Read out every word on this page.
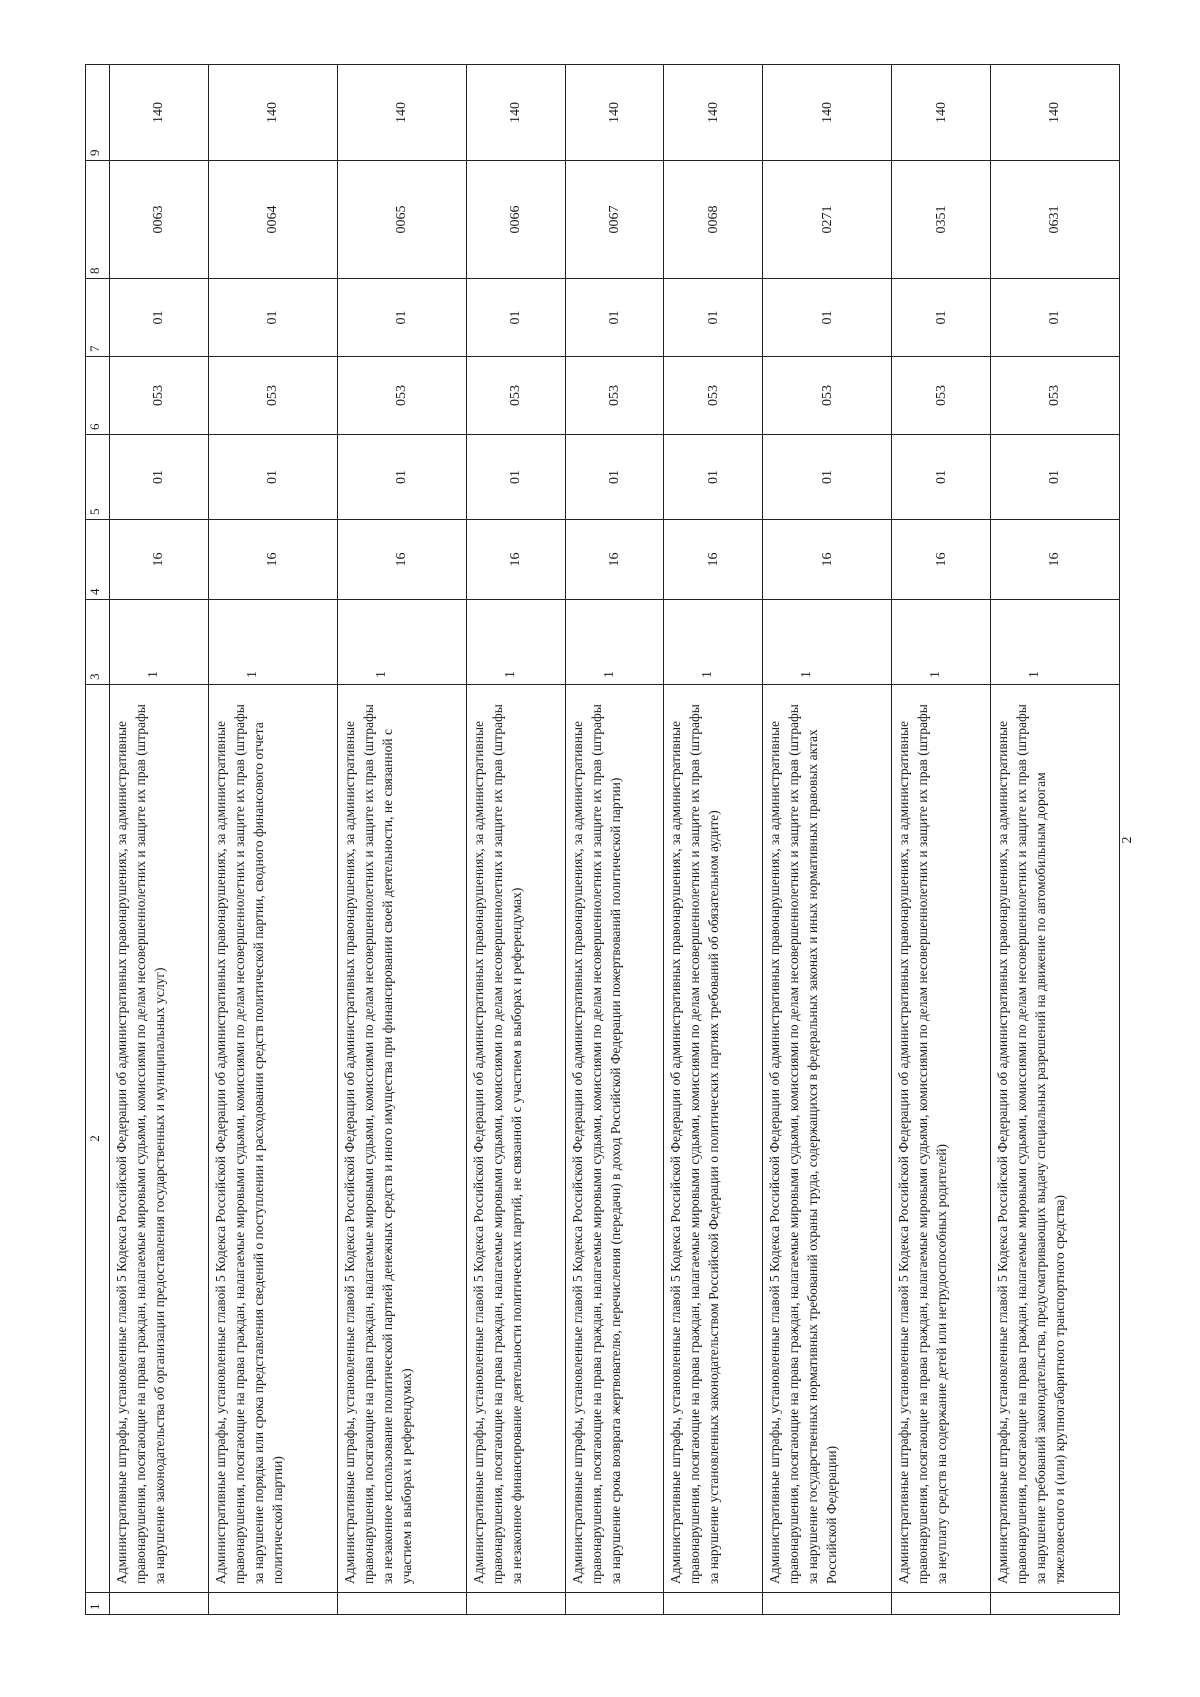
1	2	3	4	5	6	7	8	9
	Административные штрафы, установленные главой 5 Кодекса Российской Федерации об административных правонарушениях, за административные правонарушения, посягающие на права граждан, налагаемые мировыми судьями, комиссиями по делам несовершеннолетних и защите их прав (штрафы за нарушение законодательства об организации предоставления государственных и муниципальных услуг)	1	16	01	053	01	0063	140
	Административные штрафы, установленные главой 5 Кодекса Российской Федерации об административных правонарушениях, за административные правонарушения, посягающие на права граждан, налагаемые мировыми судьями, комиссиями по делам несовершеннолетних и защите их прав (штрафы за нарушение порядка или срока представления сведений о поступлении и расходовании средств политической партии, сводного финансового отчета политической партии)	1	16	01	053	01	0064	140
	Административные штрафы, установленные главой 5 Кодекса Российской Федерации об административных правонарушениях, за административные правонарушения, посягающие на права граждан, налагаемые мировыми судьями, комиссиями по делам несовершеннолетних и защите их прав (штрафы за незаконное использование политической партией денежных средств и иного имущества при финансировании своей деятельности, не связанной с участием в выборах и референдумах)	1	16	01	053	01	0065	140
	Административные штрафы, установленные главой 5 Кодекса Российской Федерации об административных правонарушениях, за административные правонарушения, посягающие на права граждан, налагаемые мировыми судьями, комиссиями по делам несовершеннолетних и защите их прав (штрафы за незаконное финансирование деятельности политических партий, не связанной с участием в выборах и референдумах)	1	16	01	053	01	0066	140
	Административные штрафы, установленные главой 5 Кодекса Российской Федерации об административных правонарушениях, за административные правонарушения, посягающие на права граждан, налагаемые мировыми судьями, комиссиями по делам несовершеннолетних и защите их прав (штрафы за нарушение срока возврата жертвователю, перечисления (передачи) в доход Российской Федерации пожертвований политической партии)	1	16	01	053	01	0067	140
	Административные штрафы, установленные главой 5 Кодекса Российской Федерации об административных правонарушениях, за административные правонарушения, посягающие на права граждан, налагаемые мировыми судьями, комиссиями по делам несовершеннолетних и защите их прав (штрафы за нарушение установленных законодательством Российской Федерации о политических партиях требований об обязательном аудите)	1	16	01	053	01	0068	140
	Административные штрафы, установленные главой 5 Кодекса Российской Федерации об административных правонарушениях, за административные правонарушения, посягающие на права граждан, налагаемые мировыми судьями, комиссиями по делам несовершеннолетних и защите их прав (штрафы за нарушение государственных нормативных требований охраны труда, содержащихся в федеральных законах и иных нормативных правовых актах Российской Федерации)	1	16	01	053	01	0271	140
	Административные штрафы, установленные главой 5 Кодекса Российской Федерации об административных правонарушениях, за административные правонарушения, посягающие на права граждан, налагаемые мировыми судьями, комиссиями по делам несовершеннолетних и защите их прав (штрафы за неуплату средств на содержание детей или нетрудоспособных родителей)	1	16	01	053	01	0351	140
	Административные штрафы, установленные главой 5 Кодекса Российской Федерации об административных правонарушениях, за административные правонарушения, посягающие на права граждан, налагаемые мировыми судьями, комиссиями по делам несовершеннолетних и защите их прав (штрафы за нарушение требований законодательства, предусматривающих выдачу специальных разрешений на движение по автомобильным дорогам тяжеловесного и (или) крупногабаритного транспортного средства)	1	16	01	053	01	0631	140
2
